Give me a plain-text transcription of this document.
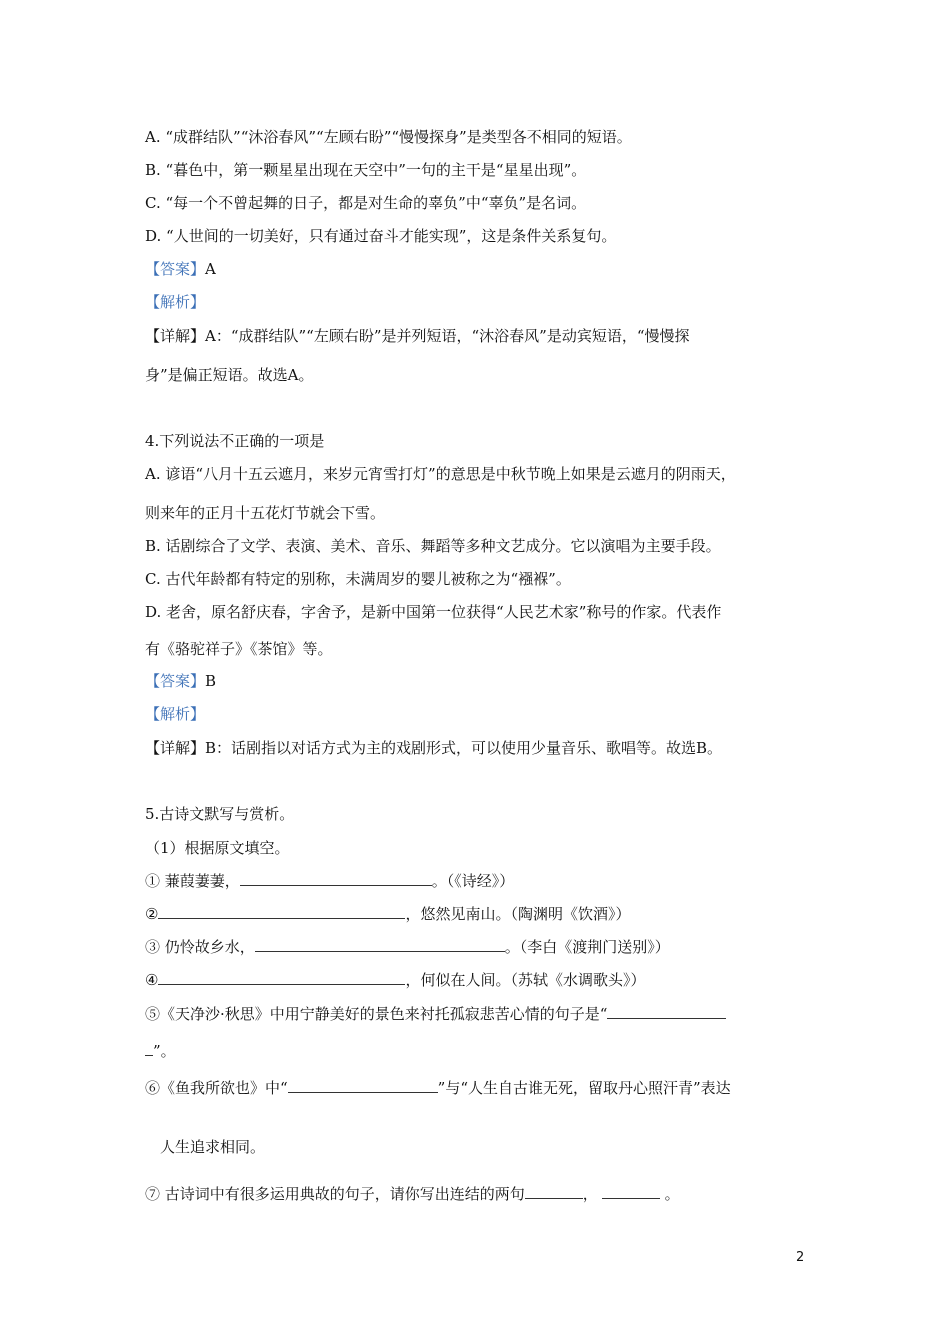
A. “成群结队”“沐浴春风”“左顾右盼”“慢慢探身”是类型各不相同的短语。
B. “暮色中，第一颗星星出现在天空中”一句的主干是“星星出现”。
C. “每一个不曾起舞的日子，都是对生命的辜负”中“辜负”是名词。
D. “人世间的一切美好，只有通过奋斗才能实现”，这是条件关系复句。
【答案】A
【解析】
【详解】A：“成群结队”“左顾右盼”是并列短语，“沐浴春风”是动宾短语，“慢慢探
身”是偏正短语。故选A。
4.下列说法不正确的一项是
A. 谚语“八月十五云遮月，来岁元宵雪打灯”的意思是中秋节晚上如果是云遮月的阴雨天，
则来年的正月十五花灯节就会下雪。
B. 话剧综合了文学、表演、美术、音乐、舞蹈等多种文艺成分。它以演唱为主要手段。
C. 古代年龄都有特定的别称，未满周岁的婴儿被称之为“襁褓”。
D. 老舍，原名舒庆春，字舍予，是新中国第一位获得“人民艺术家”称号的作家。代表作
有《骆驼祥子》《茶馆》等。
【答案】B
【解析】
【详解】B：话剧指以对话方式为主的戏剧形式，可以使用少量音乐、歌唱等。故选B。
5.古诗文默写与赏析。
（1）根据原文填空。
① 蒹葭萋萋，	。（《诗经》）
②	，悠然见南山。（陶渊明《饮酒》）
③ 仍怜故乡水，	。（李白《渡荆门送别》）
④	，何似在人间。（苏轼《水调歌头》）
⑤《天净沙·秋思》中用宁静美好的景色来衬托孤寂悲苦心情的句子是“
”。
⑥《鱼我所欲也》中“	”与“人生自古谁无死，留取丹心照汗青”表达
人生追求相同。
⑦ 古诗词中有很多运用典故的句子，请你写出连结的两句	，	。
2
